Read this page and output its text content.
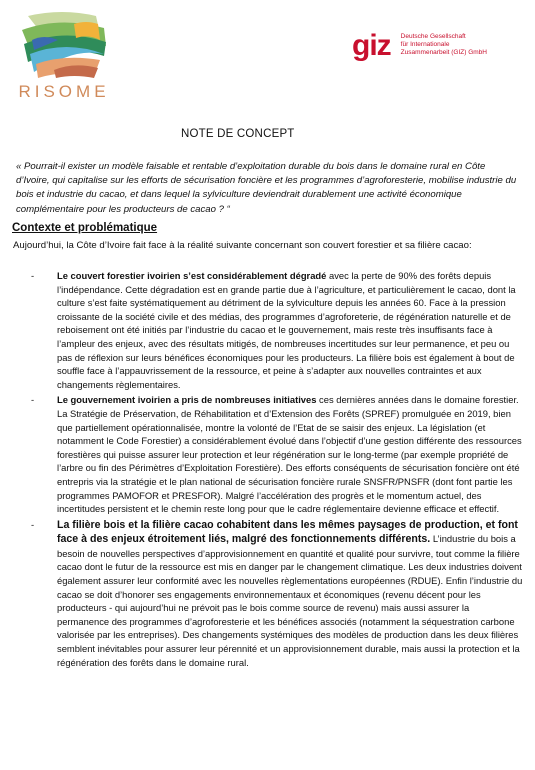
RISOME
giz Deutsche Gesellschaft
für Internationale
Zusammenarbeit (GIZ) GmbH
NOTE DE CONCEPT
« Pourrait-il exister un modèle faisable et rentable d’exploitation durable du bois dans le domaine rural en Côte d’Ivoire, qui capitalise sur les efforts de sécurisation foncière et les programmes d’agroforesterie, mobilise industrie du bois et industrie du cacao, et dans lequel la sylviculture deviendrait durablement une activité économique complémentaire pour les producteurs de cacao ? “
Contexte et problématique
Aujourd’hui, la Côte d’Ivoire fait face à la réalité suivante concernant son couvert forestier et sa filière cacao:
- Le couvert forestier ivoirien s’est considérablement dégradé avec la perte de 90% des forêts depuis l’indépendance. Cette dégradation est en grande partie due à l’agriculture, et particulièrement le cacao, dont la culture s’est faite systématiquement au détriment de la sylviculture depuis les années 60. Face à la pression croissante de la société civile et des médias, des programmes d’agroforeterie, de régénération naturelle et de reboisement ont été initiés par l’industrie du cacao et le gouvernement, mais reste très insuffisants face à l’ampleur des enjeux, avec des résultats mitigés, de nombreuses incertitudes sur leur permanence, et peu ou pas de réflexion sur leurs bénéfices économiques pour les producteurs. La filière bois est également à bout de souffle face à l’appauvrissement de la ressource, et peine à s’adapter aux nouvelles contraintes et aux changements règlementaires.
- Le gouvernement ivoirien a pris de nombreuses initiatives ces dernières années dans le domaine forestier. La Stratégie de Préservation, de Réhabilitation et d’Extension des Forêts (SPREF) promulguée en 2019, bien que partiellement opérationnalisée, montre la volonté de l’Etat de se saisir des enjeux. La législation (et notamment le Code Forestier) a considérablement évolué dans l’objectif d’une gestion différente des ressources forestières qui puisse assurer leur protection et leur régénération sur le long-terme (par exemple propriété de l’arbre ou fin des Périmètres d’Exploitation Forestière). Des efforts conséquents de sécurisation foncière ont été entrepris via la stratégie et le plan national de sécurisation foncière rurale SNSFR/PNSFR (dont font partie les programmes PAMOFOR et PRESFOR). Malgré l’accélération des progrès et le momentum actuel, des incertitudes persistent et le chemin reste long pour que le cadre réglementaire devienne efficace et effectif.
- La filière bois et la filière cacao cohabitent dans les mêmes paysages de production, et font face à des enjeux étroitement liés, malgré des fonctionnements différents. L’industrie du bois a besoin de nouvelles perspectives d’approvisionnement en quantité et qualité pour survivre, tout comme la filière cacao dont le futur de la ressource est mis en danger par le changement climatique. Les deux industries doivent également assurer leur conformité avec les nouvelles règlementations européennes (RDUE). Enfin l’industrie du cacao se doit d’honorer ses engagements environnementaux et économiques (revenu décent pour les producteurs - qui aujourd’hui ne prévoit pas le bois comme source de revenu) mais aussi assurer la permanence des programmes d’agroforesterie et les bénéfices associés (notamment la séquestration carbone valorisée par les entreprises). Des changements systémiques des modèles de production dans les deux filières semblent inévitables pour assurer leur pérennité et un approvisionnement durable, mais aussi la protection et la régénération des forêts dans le domaine rural.
